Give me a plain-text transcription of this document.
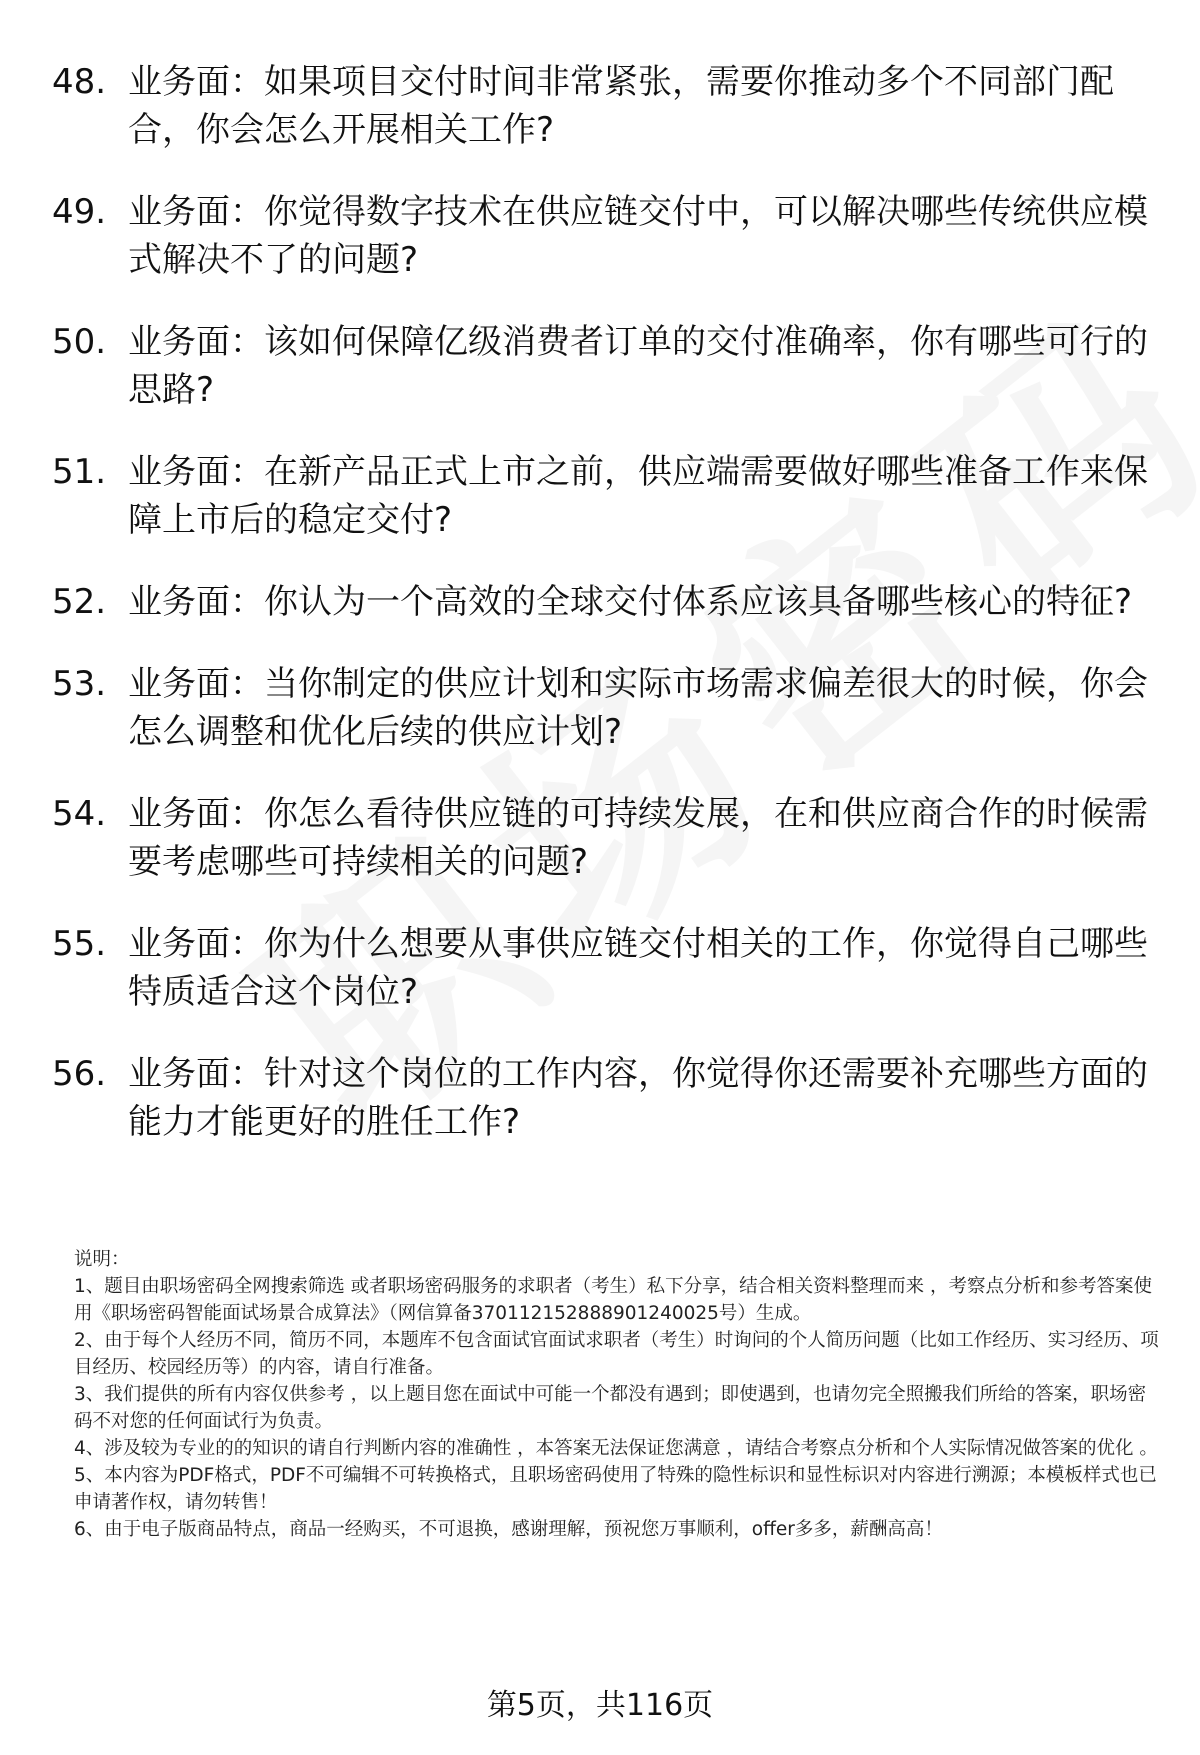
48. 业务面：如果项目交付时间非常紧张，需要你推动多个不同部门配合，你会怎么开展相关工作?
49. 业务面：你觉得数字技术在供应链交付中，可以解决哪些传统供应模式解决不了的问题?
50. 业务面：该如何保障亿级消费者订单的交付准确率，你有哪些可行的思路?
51. 业务面：在新产品正式上市之前，供应端需要做好哪些准备工作来保障上市后的稳定交付?
52. 业务面：你认为一个高效的全球交付体系应该具备哪些核心的特征?
53. 业务面：当你制定的供应计划和实际市场需求偏差很大的时候，你会怎么调整和优化后续的供应计划?
54. 业务面：你怎么看待供应链的可持续发展，在和供应商合作的时候需要考虑哪些可持续相关的问题?
55. 业务面：你为什么想要从事供应链交付相关的工作，你觉得自己哪些特质适合这个岗位?
56. 业务面：针对这个岗位的工作内容，你觉得你还需要补充哪些方面的能力才能更好的胜任工作?

说明：

1、题目由职场密码全网搜索筛选 或者职场密码服务的求职者（考生）私下分享，结合相关资料整理而来 ，考察点分析和参考答案使用《职场密码智能面试场景合成算法》（网信算备370112152888901240025号）生成。

2、由于每个人经历不同，简历不同，本题库不包含面试官面试求职者（考生）时询问的个人简历问题（比如工作经历、实习经历、项目经历、校园经历等）的内容，请自行准备。

3、我们提供的所有内容仅供参考 ，以上题目您在面试中可能一个都没有遇到；即使遇到，也请勿完全照搬我们所给的答案，职场密码不对您的任何面试行为负责。

4、涉及较为专业的的知识的请自行判断内容的准确性 ，本答案无法保证您满意 ，请结合考察点分析和个人实际情况做答案的优化 。

5、本内容为PDF格式，PDF不可编辑不可转换格式，且职场密码使用了特殊的隐性标识和显性标识对内容进行溯源；本模板样式也已申请著作权，请勿转售！

6、由于电子版商品特点，商品一经购买，不可退换，感谢理解，预祝您万事顺利，offer多多，薪酬高高！

第5页，共116页
